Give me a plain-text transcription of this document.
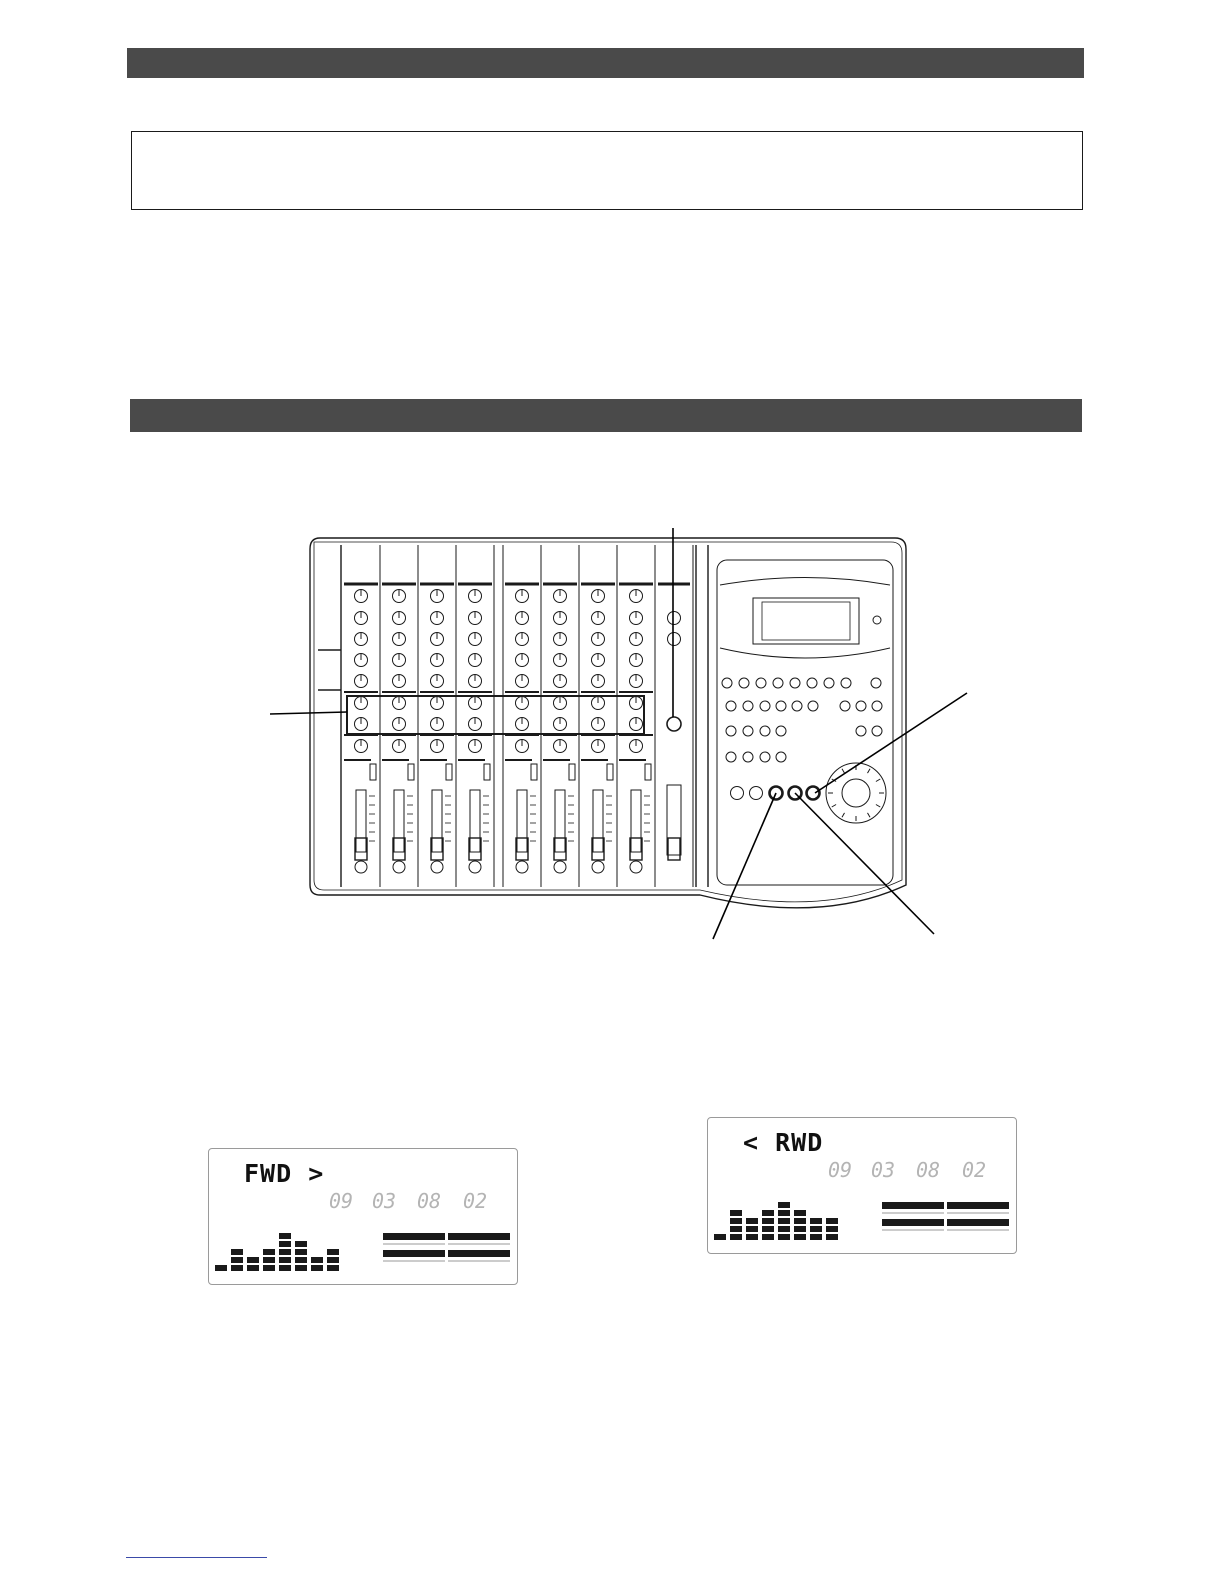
FWD >
09 03 08 02
< RWD
09 03 08 02
